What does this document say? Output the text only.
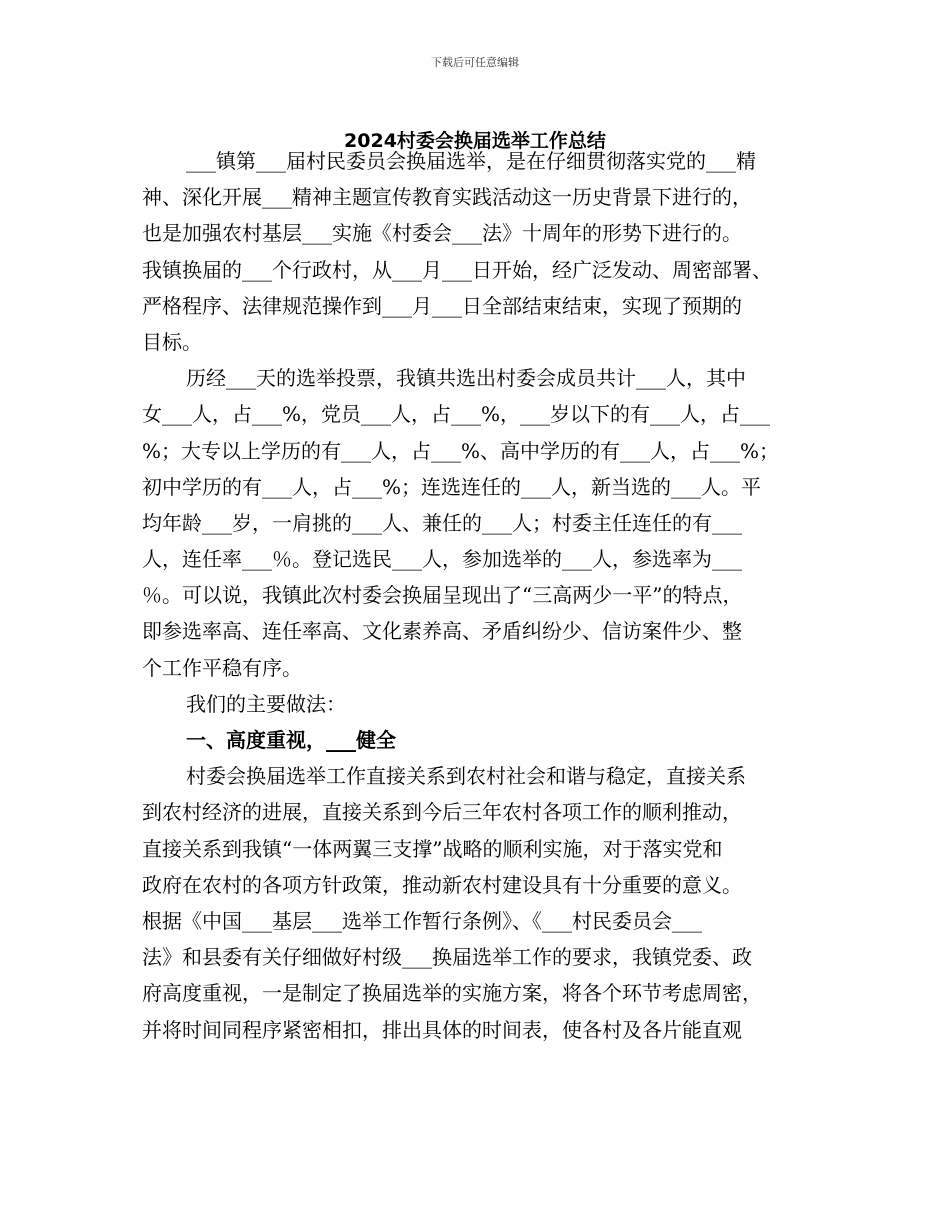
下载后可任意编辑
2024村委会换届选举工作总结
___镇第___届村民委员会换届选举，是在仔细贯彻落实党的___精
神、深化开展___精神主题宣传教育实践活动这一历史背景下进行的，
也是加强农村基层___实施《村委会___法》十周年的形势下进行的。
我镇换届的___个行政村，从___月___日开始，经广泛发动、周密部署、
严格程序、法律规范操作到___月___日全部结束结束，实现了预期的
目标。
历经___天的选举投票，我镇共选出村委会成员共计___人，其中
女___人，占___%，党员___人，占___%，___岁以下的有___人，占___
%；大专以上学历的有___人，占___%、高中学历的有___人，占___%；
初中学历的有___人，占___%；连选连任的___人，新当选的___人。平
均年龄___岁，一肩挑的___人、兼任的___人；村委主任连任的有___
人，连任率___％。登记选民___人，参加选举的___人，参选率为___
％。可以说，我镇此次村委会换届呈现出了“三高两少一平”的特点，
即参选率高、连任率高、文化素养高、矛盾纠纷少、信访案件少、整
个工作平稳有序。
我们的主要做法：
一、高度重视，___健全
村委会换届选举工作直接关系到农村社会和谐与稳定，直接关系
到农村经济的进展，直接关系到今后三年农村各项工作的顺利推动，
直接关系到我镇“一体两翼三支撑”战略的顺利实施，对于落实党和
政府在农村的各项方针政策，推动新农村建设具有十分重要的意义。
根据《中国___基层___选举工作暂行条例》、《___村民委员会___
法》和县委有关仔细做好村级___换届选举工作的要求，我镇党委、政
府高度重视，一是制定了换届选举的实施方案，将各个环节考虑周密，
并将时间同程序紧密相扣，排出具体的时间表，使各村及各片能直观
